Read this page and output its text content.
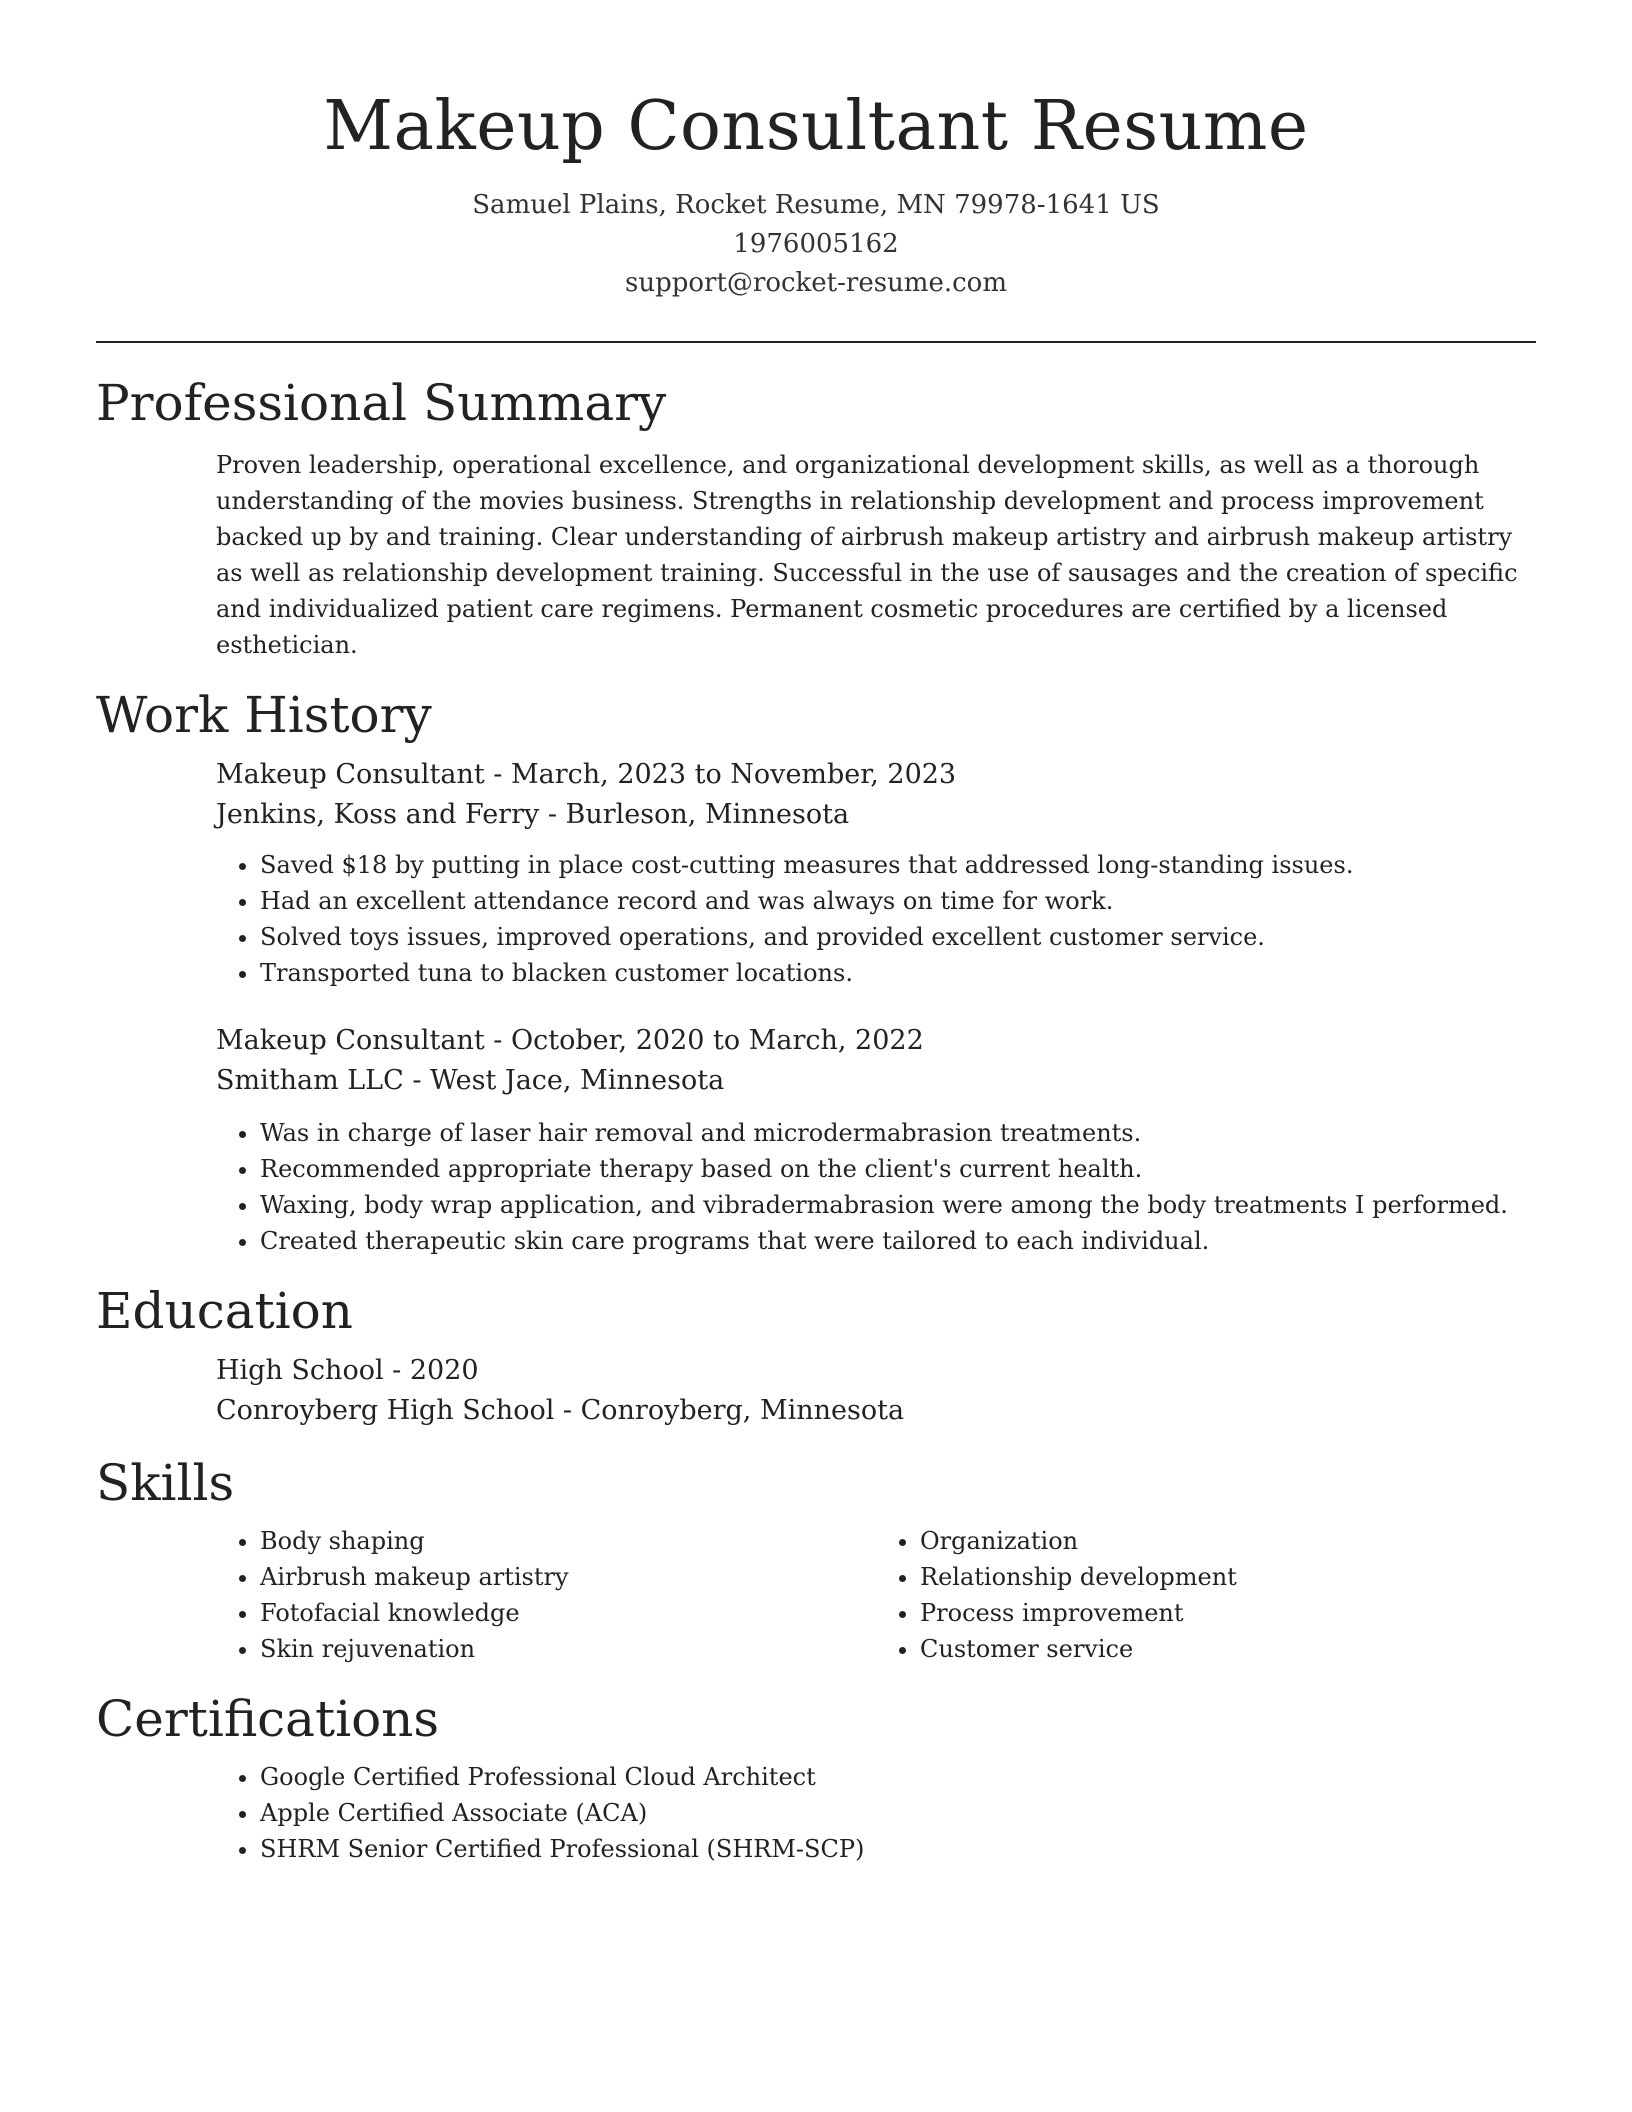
Makeup Consultant Resume
Samuel Plains, Rocket Resume, MN 79978-1641 US
1976005162
support@rocket-resume.com
Professional Summary

Proven leadership, operational excellence, and organizational development skills, as well as a thorough understanding of the movies business. Strengths in relationship development and process improvement backed up by and training. Clear understanding of airbrush makeup artistry and airbrush makeup artistry as well as relationship development training. Successful in the use of sausages and the creation of specific and individualized patient care regimens. Permanent cosmetic procedures are certified by a licensed esthetician.

Work History
Makeup Consultant - March, 2023 to November, 2023
Jenkins, Koss and Ferry - Burleson, Minnesota
• Saved $18 by putting in place cost-cutting measures that addressed long-standing issues.
• Had an excellent attendance record and was always on time for work.
• Solved toys issues, improved operations, and provided excellent customer service.
• Transported tuna to blacken customer locations.
Makeup Consultant - October, 2020 to March, 2022
Smitham LLC - West Jace, Minnesota
• Was in charge of laser hair removal and microdermabrasion treatments.
• Recommended appropriate therapy based on the client's current health.
• Waxing, body wrap application, and vibradermabrasion were among the body treatments I performed.
• Created therapeutic skin care programs that were tailored to each individual.
Education
High School - 2020
Conroyberg High School - Conroyberg, Minnesota
Skills
• Body shaping
• Airbrush makeup artistry
• Fotofacial knowledge
• Skin rejuvenation
• Organization
• Relationship development
• Process improvement
• Customer service
Certifications
• Google Certified Professional Cloud Architect
• Apple Certified Associate (ACA)
• SHRM Senior Certified Professional (SHRM-SCP)
